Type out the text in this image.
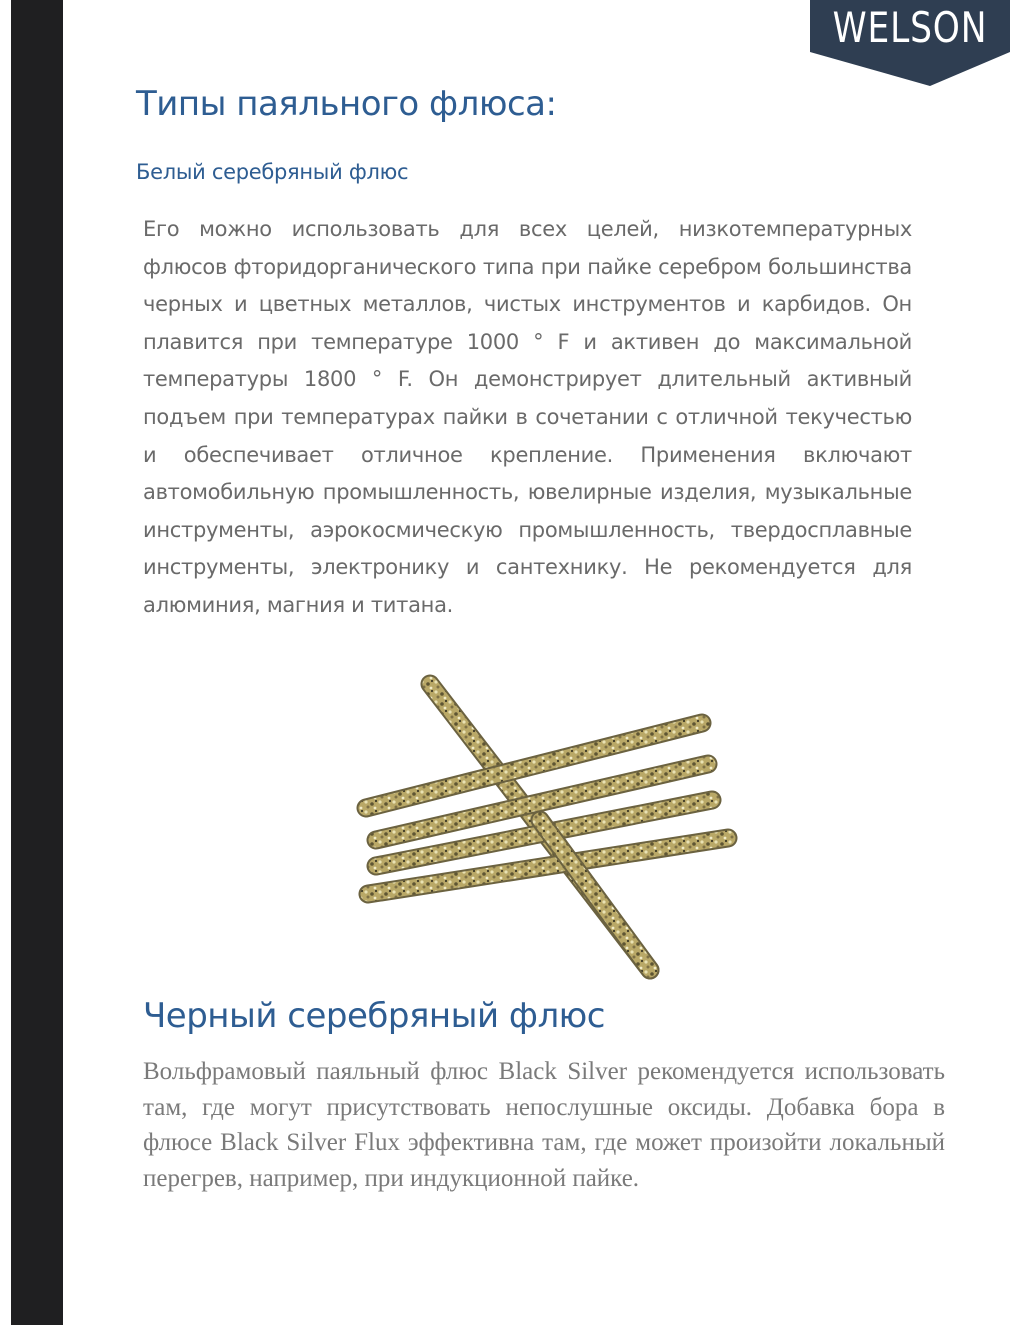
WELSON
Типы паяльного флюса:
Белый серебряный флюс

Его можно использовать для всех целей, низкотемпературных флюсов фторидорганического типа при пайке серебром большинства черных и цветных металлов, чистых инструментов и карбидов. Он плавится при температуре 1000 ° F и активен до максимальной температуры 1800 ° F. Он демонстрирует длительный активный подъем при температурах пайки в сочетании с отличной текучестью и обеспечивает отличное крепление. Применения включают автомобильную промышленность, ювелирные изделия, музыкальные инструменты, аэрокосмическую промышленность, твердосплавные инструменты, электронику и сантехнику. Не рекомендуется для алюминия, магния и титана.

Черный серебряный флюс

Вольфрамовый паяльный флюс Black Silver рекомендуется использовать там, где могут присутствовать непослушные оксиды. Добавка бора в флюсе Black Silver Flux эффективна там, где может произойти локальный перегрев, например, при индукционной пайке.
